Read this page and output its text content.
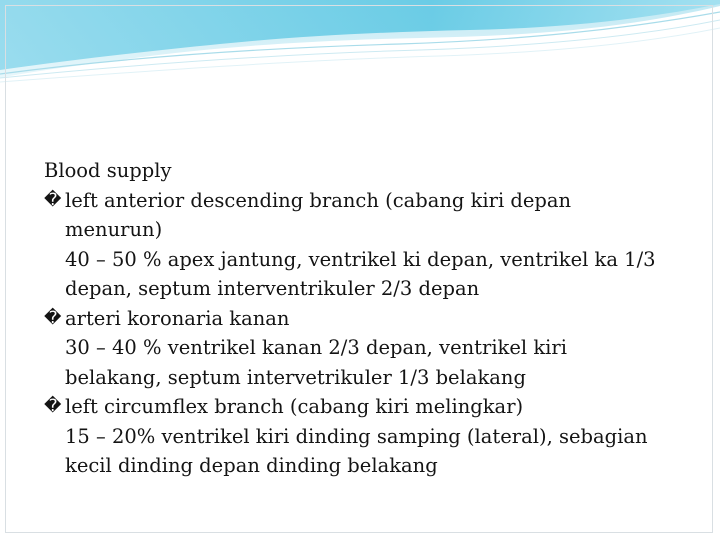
Blood supply
� left anterior descending branch (cabang kiri depan
menurun)
40 – 50 % apex jantung, ventrikel ki depan, ventrikel ka 1/3
depan, septum interventrikuler 2/3 depan
� arteri koronaria kanan
30 – 40 % ventrikel kanan 2/3 depan, ventrikel kiri
belakang, septum intervetrikuler 1/3 belakang
� left circumflex branch (cabang kiri melingkar)
15 – 20% ventrikel kiri dinding samping (lateral), sebagian
kecil dinding depan dinding belakang
